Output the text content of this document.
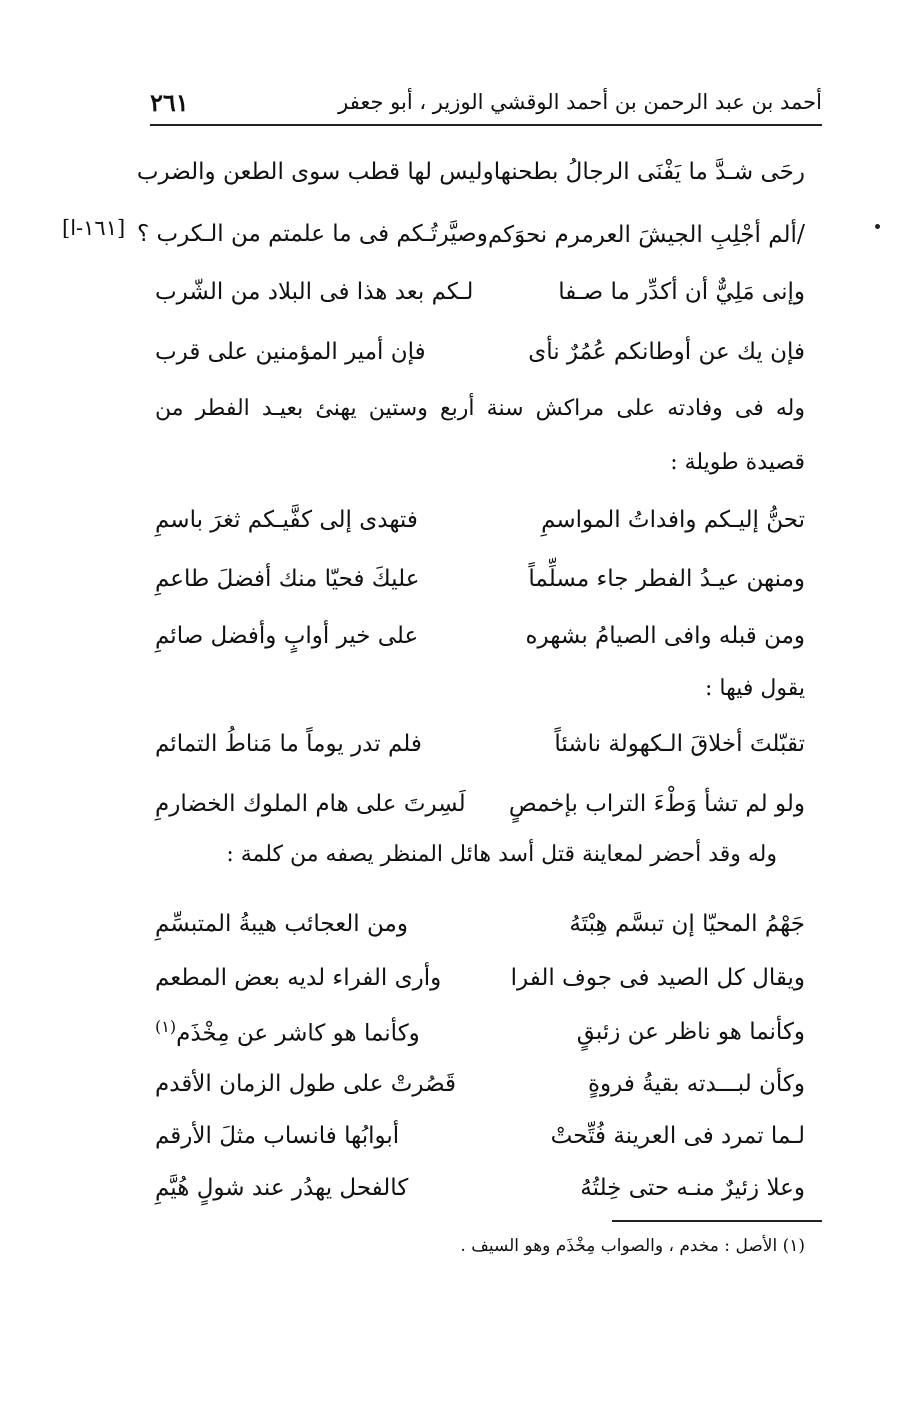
أحمد بن عبد الرحمن بن أحمد الوقشي الوزير ، أبو جعفر
٢٦١
رحَى شـدَّ ما يَفْنَى الرجالُ بطحنها
وليس لها قطب سوى الطعن والضرب
/ألم أجْلِبِ الجيشَ العرمرم نحوَكم
وصيَّرتُـكم فى ما علمتم من الـكرب ؟
[١٦١-ا]
وإنى مَلِيٌّ أن أكدِّر ما صـفا
لـكم بعد هذا فى البلاد من الشّرب
فإن يك عن أوطانكم عُمُرٌ نأى
فإن أمير المؤمنين على قرب
وله فى وفادته على مراكش سنة أربع وستين يهنئ بعيـد الفطر من
قصيدة طويلة :
تحنُّ إليـكم وافداتُ المواسمِ
فتهدى إلى كفَّيـكم ثغرَ باسمِ
ومنهن عيـدُ الفطر جاء مسلِّماً
عليكَ فحيّا منك أفضلَ طاعمِ
ومن قبله وافى الصيامُ بشهره
على خير أوابٍ وأفضل صائمِ
يقول فيها :
تقبّلتَ أخلاقَ الـكهولة ناشئاً
فلم تدر يوماً ما مَناطُ التمائم
ولو لم تشأ وَطْءَ التراب بإخمصٍ
لَسِرتَ على هام الملوك الخضارمِ
وله وقد أحضر لمعاينة قتل أسد هائل المنظر يصفه من كلمة :
جَهْمُ المحيّا إن تبسَّم هِبْتَهُ
ومن العجائب هيبةُ المتبسِّمِ
ويقال كل الصيد فى جوف الفرا
وأرى الفراء لديه بعض المطعم
وكأنما هو ناظر عن زئبقٍ
وكأنما هو كاشر عن مِخْذَم$^{(١)}$
وكأن لبـــدته بقيةُ فروةٍ
قَصُرتْ على طول الزمان الأقدم
لـما تمرد فى العرينة فُتِّحتْ
أبوابُها فانساب مثلَ الأرقم
وعلا زئيرٌ منـه حتى خِلتُهُ
كالفحل يهدُر عند شولٍ هُيَّمِ
(١) الأصل : مخدم ، والصواب مِخْذَم وهو السيف .
